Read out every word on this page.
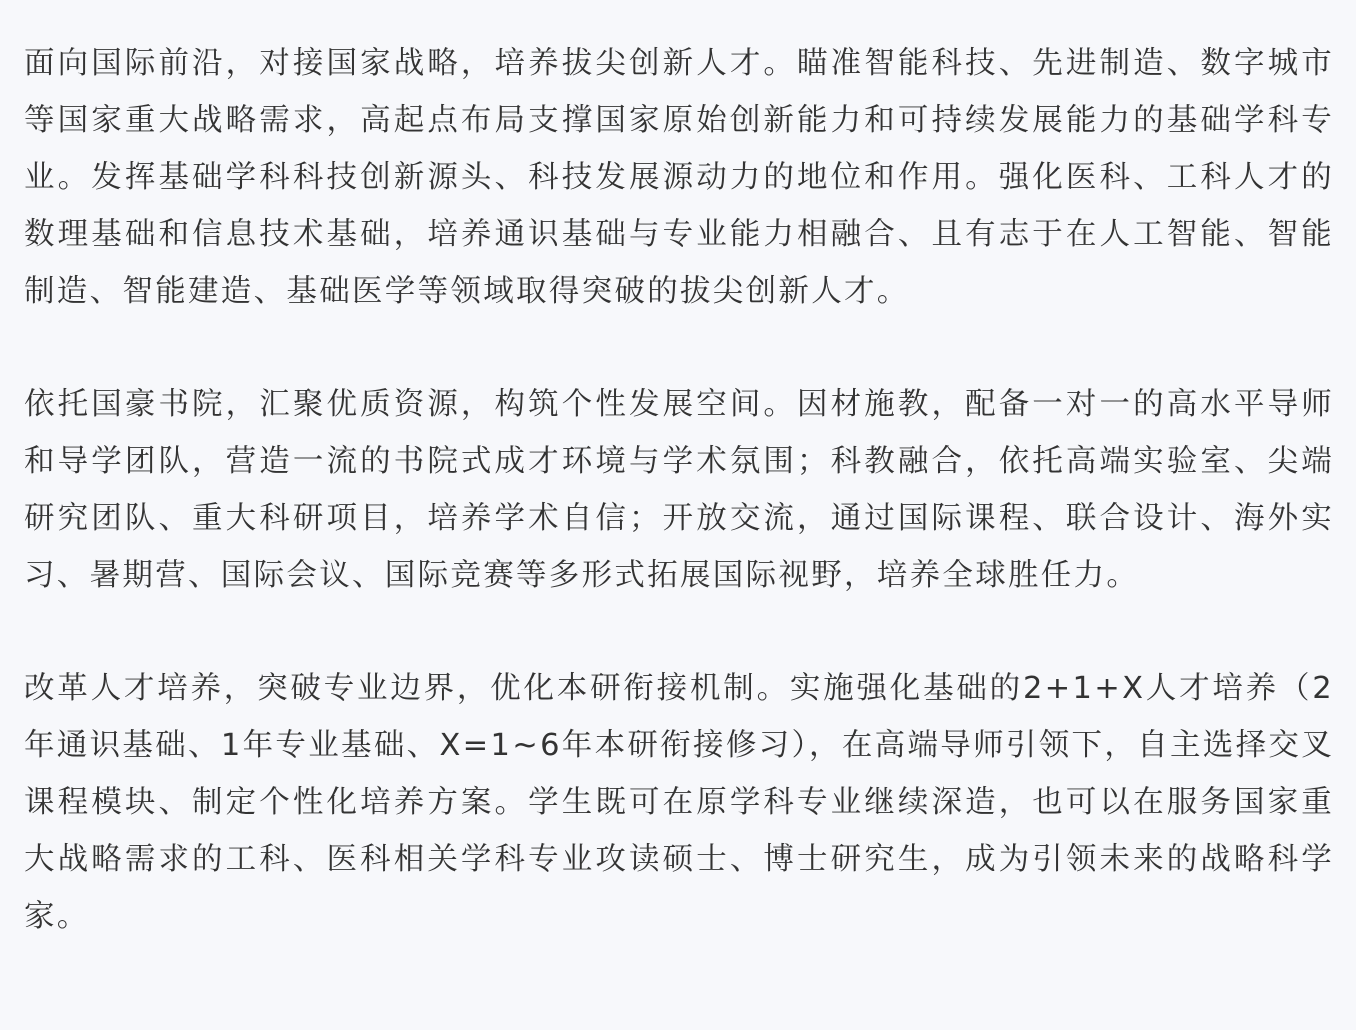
面向国际前沿，对接国家战略，培养拔尖创新人才。瞄准智能科技、先进制造、数字城市等国家重大战略需求，高起点布局支撑国家原始创新能力和可持续发展能力的基础学科专业。发挥基础学科科技创新源头、科技发展源动力的地位和作用。强化医科、工科人才的数理基础和信息技术基础，培养通识基础与专业能力相融合、且有志于在人工智能、智能制造、智能建造、基础医学等领域取得突破的拔尖创新人才。

依托国豪书院，汇聚优质资源，构筑个性发展空间。因材施教，配备一对一的高水平导师和导学团队，营造一流的书院式成才环境与学术氛围；科教融合，依托高端实验室、尖端研究团队、重大科研项目，培养学术自信；开放交流，通过国际课程、联合设计、海外实习、暑期营、国际会议、国际竞赛等多形式拓展国际视野，培养全球胜任力。

改革人才培养，突破专业边界，优化本研衔接机制。实施强化基础的2+1+X人才培养（2年通识基础、1年专业基础、X=1~6年本研衔接修习），在高端导师引领下，自主选择交叉课程模块、制定个性化培养方案。学生既可在原学科专业继续深造，也可以在服务国家重大战略需求的工科、医科相关学科专业攻读硕士、博士研究生，成为引领未来的战略科学家。
